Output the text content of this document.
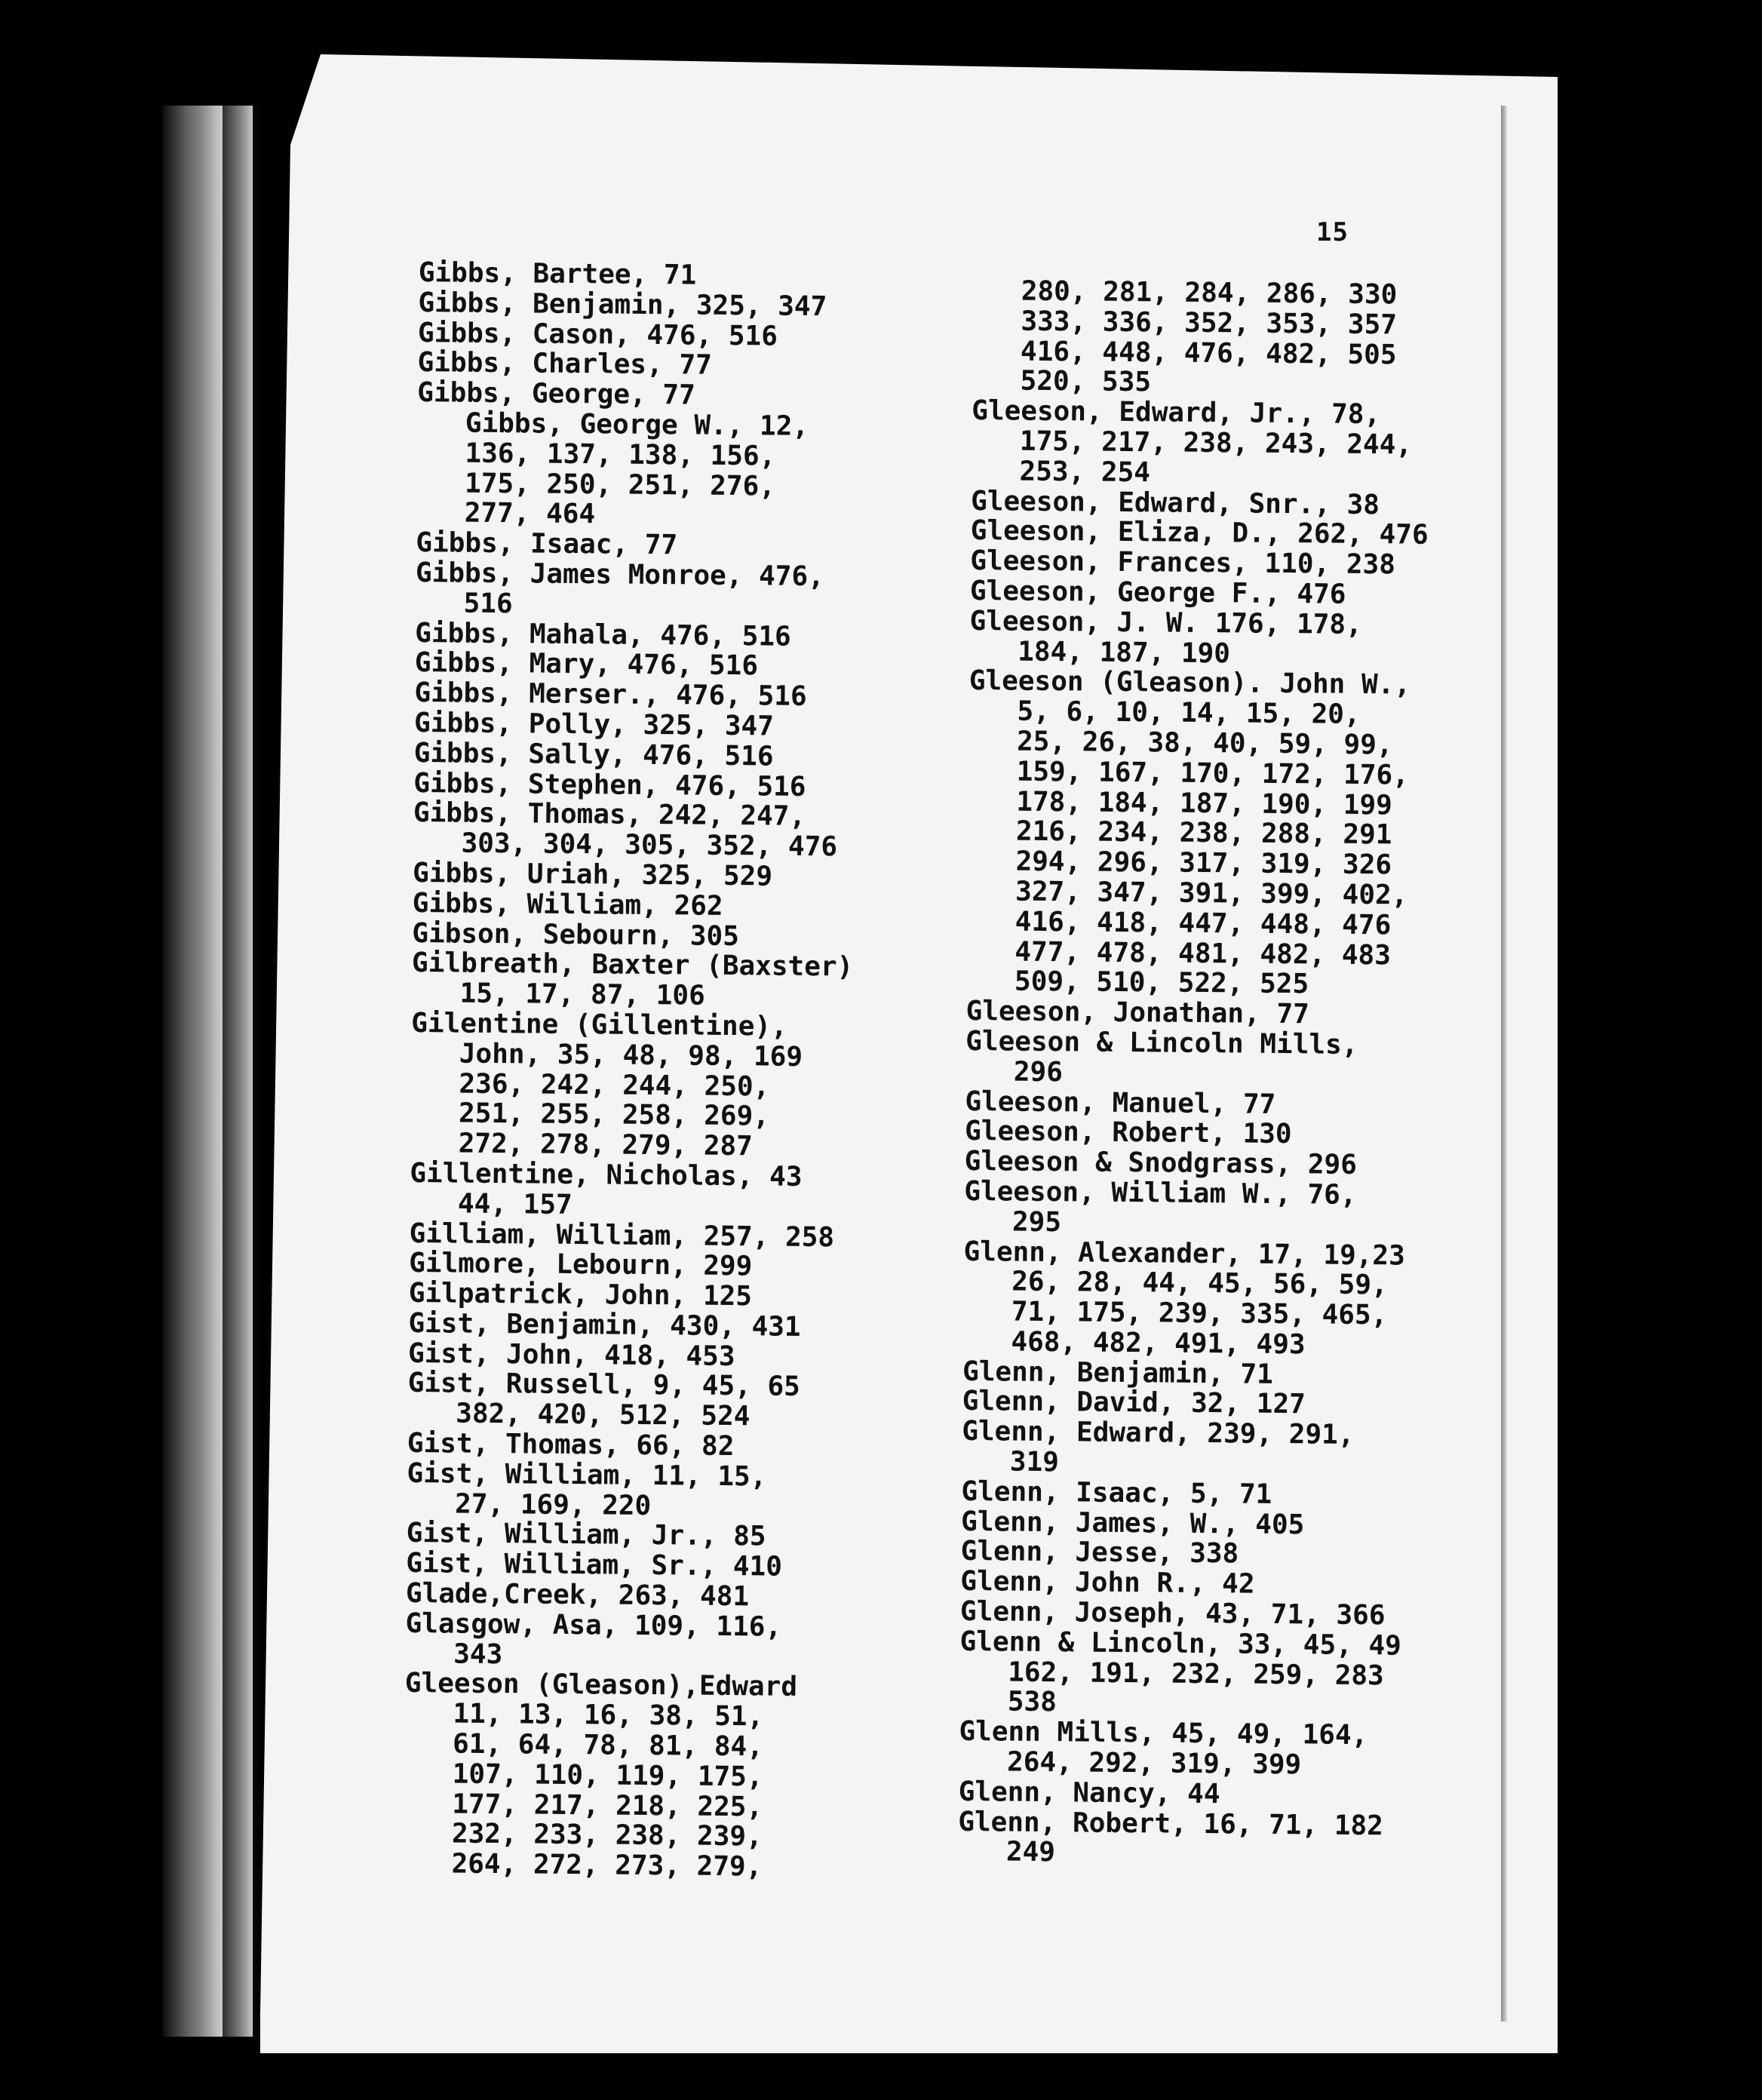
15
Gibbs, Bartee, 71
Gibbs, Benjamin, 325, 347
Gibbs, Cason, 476, 516
Gibbs, Charles, 77
Gibbs, George, 77
Gibbs, George W., 12,
136, 137, 138, 156,
175, 250, 251, 276,
277, 464
Gibbs, Isaac, 77
Gibbs, James Monroe, 476,
516
Gibbs, Mahala, 476, 516
Gibbs, Mary, 476, 516
Gibbs, Merser., 476, 516
Gibbs, Polly, 325, 347
Gibbs, Sally, 476, 516
Gibbs, Stephen, 476, 516
Gibbs, Thomas, 242, 247,
303, 304, 305, 352, 476
Gibbs, Uriah, 325, 529
Gibbs, William, 262
Gibson, Sebourn, 305
Gilbreath, Baxter (Baxster)
15, 17, 87, 106
Gilentine (Gillentine),
John, 35, 48, 98, 169
236, 242, 244, 250,
251, 255, 258, 269,
272, 278, 279, 287
Gillentine, Nicholas, 43
44, 157
Gilliam, William, 257, 258
Gilmore, Lebourn, 299
Gilpatrick, John, 125
Gist, Benjamin, 430, 431
Gist, John, 418, 453
Gist, Russell, 9, 45, 65
382, 420, 512, 524
Gist, Thomas, 66, 82
Gist, William, 11, 15,
27, 169, 220
Gist, William, Jr., 85
Gist, William, Sr., 410
Glade,Creek, 263, 481
Glasgow, Asa, 109, 116,
343
Gleeson (Gleason),Edward
11, 13, 16, 38, 51,
61, 64, 78, 81, 84,
107, 110, 119, 175,
177, 217, 218, 225,
232, 233, 238, 239,
264, 272, 273, 279,
280, 281, 284, 286, 330
333, 336, 352, 353, 357
416, 448, 476, 482, 505
520, 535
Gleeson, Edward, Jr., 78,
175, 217, 238, 243, 244,
253, 254
Gleeson, Edward, Snr., 38
Gleeson, Eliza, D., 262, 476
Gleeson, Frances, 110, 238
Gleeson, George F., 476
Gleeson, J. W. 176, 178,
184, 187, 190
Gleeson (Gleason). John W.,
5, 6, 10, 14, 15, 20,
25, 26, 38, 40, 59, 99,
159, 167, 170, 172, 176,
178, 184, 187, 190, 199
216, 234, 238, 288, 291
294, 296, 317, 319, 326
327, 347, 391, 399, 402,
416, 418, 447, 448, 476
477, 478, 481, 482, 483
509, 510, 522, 525
Gleeson, Jonathan, 77
Gleeson & Lincoln Mills,
296
Gleeson, Manuel, 77
Gleeson, Robert, 130
Gleeson & Snodgrass, 296
Gleeson, William W., 76,
295
Glenn, Alexander, 17, 19,23
26, 28, 44, 45, 56, 59,
71, 175, 239, 335, 465,
468, 482, 491, 493
Glenn, Benjamin, 71
Glenn, David, 32, 127
Glenn, Edward, 239, 291,
319
Glenn, Isaac, 5, 71
Glenn, James, W., 405
Glenn, Jesse, 338
Glenn, John R., 42
Glenn, Joseph, 43, 71, 366
Glenn & Lincoln, 33, 45, 49
162, 191, 232, 259, 283
538
Glenn Mills, 45, 49, 164,
264, 292, 319, 399
Glenn, Nancy, 44
Glenn, Robert, 16, 71, 182
249
